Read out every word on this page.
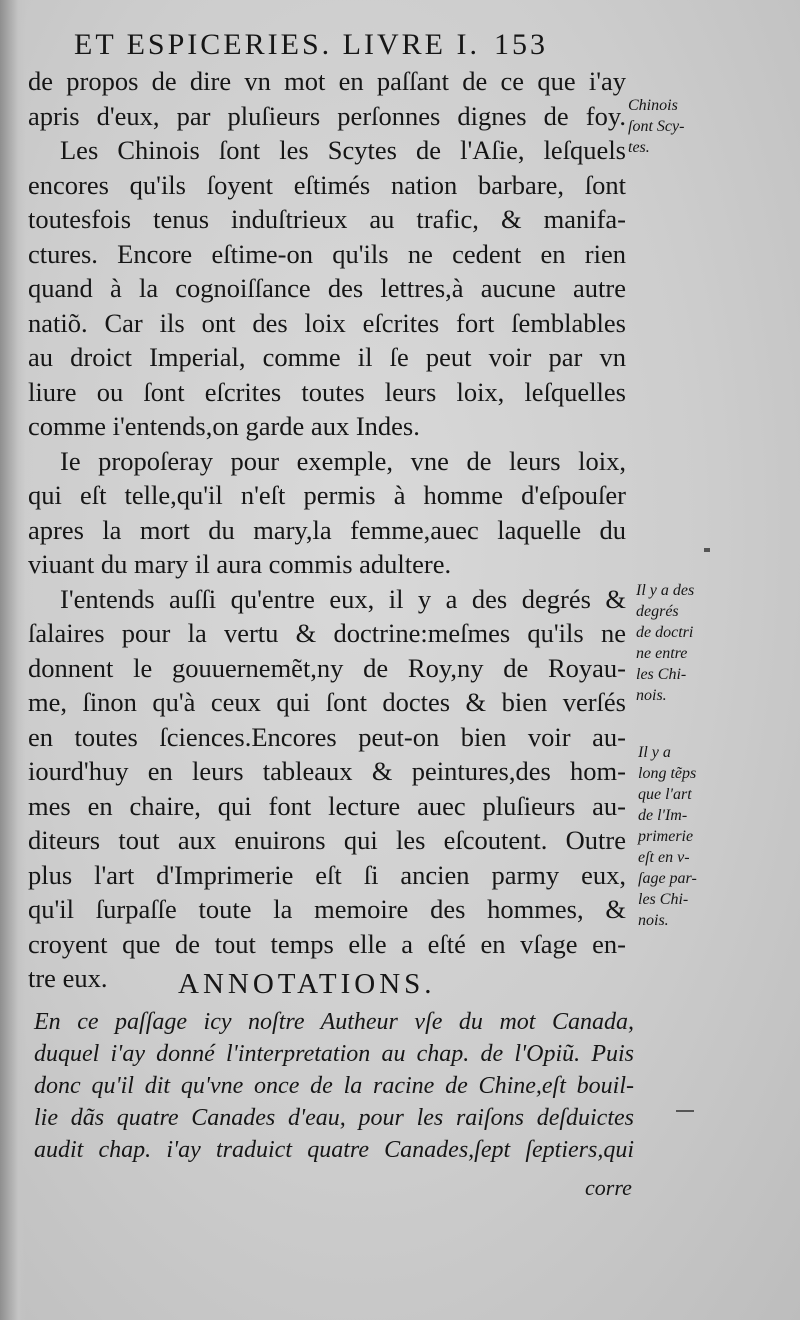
ET ESPICERIES. LIVRE I. 153
de propos de dire vn mot en paſſant de ce que i'ay
apris d'eux, par pluſieurs perſonnes dignes de foy.
Les Chinois ſont les Scytes de l'Aſie, leſquels
encores qu'ils ſoyent eſtimés nation barbare, ſont
toutesfois tenus induſtrieux au trafic, & manifa-
ctures. Encore eſtime-on qu'ils ne cedent en rien
quand à la cognoiſſance des lettres,à aucune autre
natiõ. Car ils ont des loix eſcrites fort ſemblables
au droict Imperial, comme il ſe peut voir par vn
liure ou ſont eſcrites toutes leurs loix, leſquelles
comme i'entends,on garde aux Indes.
Ie propoſeray pour exemple, vne de leurs loix,
qui eſt telle,qu'il n'eſt permis à homme d'eſpouſer
apres la mort du mary,la femme,auec laquelle du
viuant du mary il aura commis adultere.
I'entends auſſi qu'entre eux, il y a des degrés &
ſalaires pour la vertu & doctrine:meſmes qu'ils ne
donnent le gouuernemẽt,ny de Roy,ny de Royau-
me, ſinon qu'à ceux qui ſont doctes & bien verſés
en toutes ſciences.Encores peut-on bien voir au-
iourd'huy en leurs tableaux & peintures,des hom-
mes en chaire, qui font lecture auec pluſieurs au-
diteurs tout aux enuirons qui les eſcoutent. Outre
plus l'art d'Imprimerie eſt ſi ancien parmy eux,
qu'il ſurpaſſe toute la memoire des hommes, &
croyent que de tout temps elle a eſté en vſage en-
tre eux.
Chinois
ſont Scy-
tes.
Il y a des
degrés
de doctri
ne entre
les Chi-
nois.
Il y a
long tẽps
que l'art
de l'Im-
primerie
eſt en v-
ſage par-
les Chi-
nois.
ANNOTATIONS.
En ce paſſage icy noſtre Autheur vſe du mot Canada,
duquel i'ay donné l'interpretation au chap. de l'Opiũ. Puis
donc qu'il dit qu'vne once de la racine de Chine,eſt bouil-
lie dãs quatre Canades d'eau, pour les raiſons deſduictes
audit chap. i'ay traduict quatre Canades,ſept ſeptiers,qui
corre
